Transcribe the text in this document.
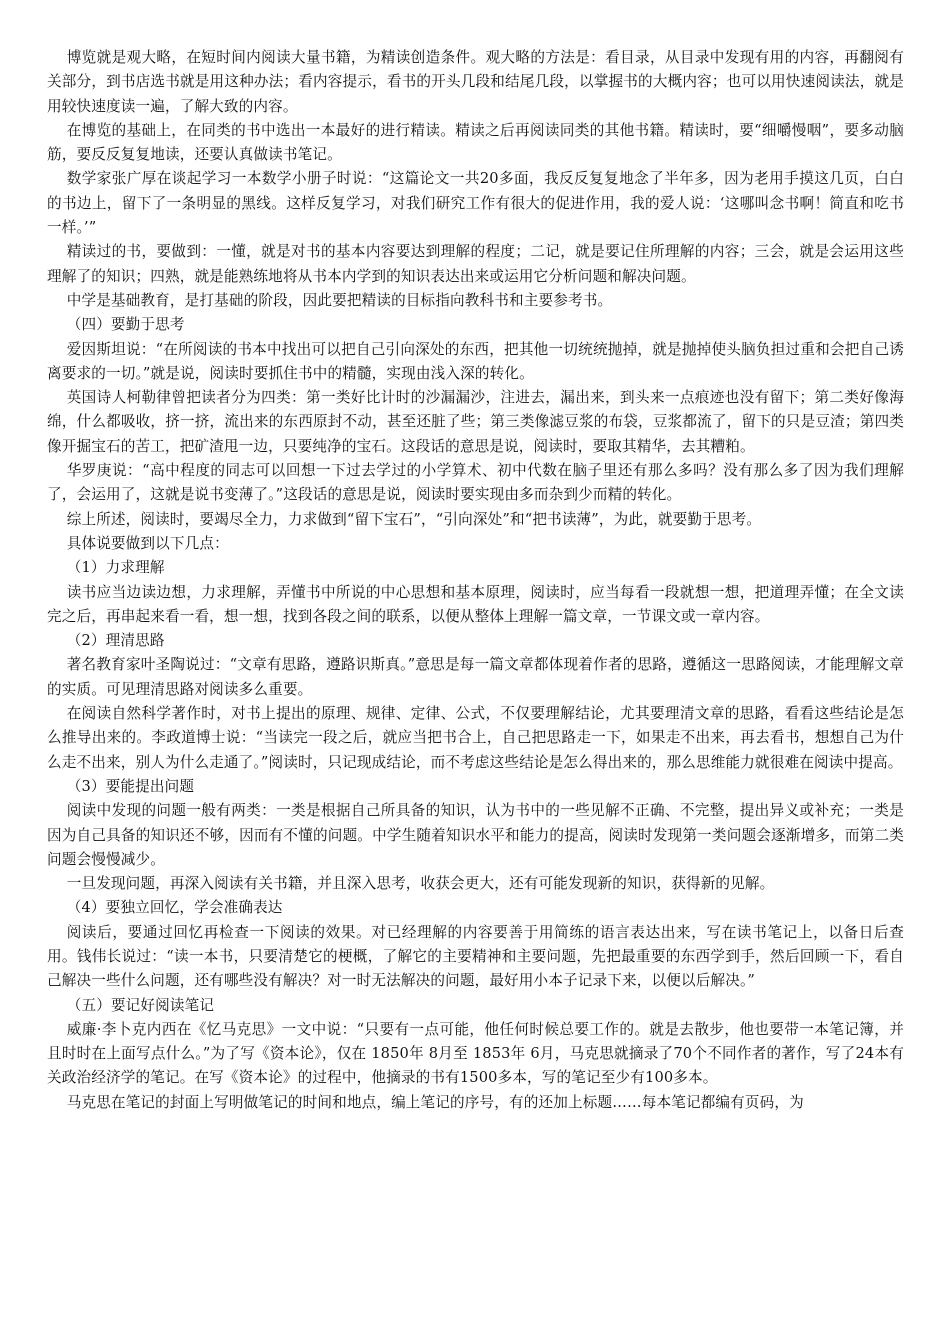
博览就是观大略，在短时间内阅读大量书籍，为精读创造条件。观大略的方法是：看目录，从目录中发现有用的内容，再翻阅有关部分，到书店选书就是用这种办法；看内容提示，看书的开头几段和结尾几段，以掌握书的大概内容；也可以用快速阅读法，就是用较快速度读一遍，了解大致的内容。

在博览的基础上，在同类的书中选出一本最好的进行精读。精读之后再阅读同类的其他书籍。精读时，要“细嚼慢咽”，要多动脑筋，要反反复复地读，还要认真做读书笔记。

数学家张广厚在谈起学习一本数学小册子时说：“这篇论文一共20多面，我反反复复地念了半年多，因为老用手摸这几页，白白的书边上，留下了一条明显的黑线。这样反复学习，对我们研究工作有很大的促进作用，我的爱人说：‘这哪叫念书啊！简直和吃书一样。’”

精读过的书，要做到：一懂，就是对书的基本内容要达到理解的程度；二记，就是要记住所理解的内容；三会，就是会运用这些理解了的知识；四熟，就是能熟练地将从书本内学到的知识表达出来或运用它分析问题和解决问题。

中学是基础教育，是打基础的阶段，因此要把精读的目标指向教科书和主要参考书。

（四）要勤于思考

爱因斯坦说：“在所阅读的书本中找出可以把自己引向深处的东西，把其他一切统统抛掉，就是抛掉使头脑负担过重和会把自己诱离要求的一切。”就是说，阅读时要抓住书中的精髓，实现由浅入深的转化。

英国诗人柯勒律曾把读者分为四类：第一类好比计时的沙漏漏沙，注进去，漏出来，到头来一点痕迹也没有留下；第二类好像海绵，什么都吸收，挤一挤，流出来的东西原封不动，甚至还脏了些；第三类像滤豆浆的布袋，豆浆都流了，留下的只是豆渣；第四类像开掘宝石的苦工，把矿渣甩一边，只要纯净的宝石。这段话的意思是说，阅读时，要取其精华，去其糟粕。

华罗庚说：“高中程度的同志可以回想一下过去学过的小学算术、初中代数在脑子里还有那么多吗？没有那么多了因为我们理解了，会运用了，这就是说书变薄了。”这段话的意思是说，阅读时要实现由多而杂到少而精的转化。

综上所述，阅读时，要竭尽全力，力求做到“留下宝石”，“引向深处”和“把书读薄”，为此，就要勤于思考。

具体说要做到以下几点：

（1）力求理解

读书应当边读边想，力求理解，弄懂书中所说的中心思想和基本原理，阅读时，应当每看一段就想一想，把道理弄懂；在全文读完之后，再串起来看一看，想一想，找到各段之间的联系，以便从整体上理解一篇文章，一节课文或一章内容。

（2）理清思路

著名教育家叶圣陶说过：“文章有思路，遵路识斯真。”意思是每一篇文章都体现着作者的思路，遵循这一思路阅读，才能理解文章的实质。可见理清思路对阅读多么重要。

在阅读自然科学著作时，对书上提出的原理、规律、定律、公式，不仅要理解结论，尤其要理清文章的思路，看看这些结论是怎么推导出来的。李政道博士说：“当读完一段之后，就应当把书合上，自己把思路走一下，如果走不出来，再去看书，想想自己为什么走不出来，别人为什么走通了。”阅读时，只记现成结论，而不考虑这些结论是怎么得出来的，那么思维能力就很难在阅读中提高。

（3）要能提出问题

阅读中发现的问题一般有两类：一类是根据自己所具备的知识，认为书中的一些见解不正确、不完整，提出异义或补充；一类是因为自己具备的知识还不够，因而有不懂的问题。中学生随着知识水平和能力的提高，阅读时发现第一类问题会逐渐增多，而第二类问题会慢慢减少。

一旦发现问题，再深入阅读有关书籍，并且深入思考，收获会更大，还有可能发现新的知识，获得新的见解。

（4）要独立回忆，学会准确表达

阅读后，要通过回忆再检查一下阅读的效果。对已经理解的内容要善于用简练的语言表达出来，写在读书笔记上，以备日后查用。钱伟长说过：“读一本书，只要清楚它的梗概，了解它的主要精神和主要问题，先把最重要的东西学到手，然后回顾一下，看自己解决一些什么问题，还有哪些没有解决？对一时无法解决的问题，最好用小本子记录下来，以便以后解决。”

（五）要记好阅读笔记

威廉·李卜克内西在《忆马克思》一文中说：“只要有一点可能，他任何时候总要工作的。就是去散步，他也要带一本笔记簿，并且时时在上面写点什么。”为了写《资本论》，仅在 1850年 8月至 1853年 6月，马克思就摘录了70个不同作者的著作，写了24本有关政治经济学的笔记。在写《资本论》的过程中，他摘录的书有1500多本，写的笔记至少有100多本。

马克思在笔记的封面上写明做笔记的时间和地点，编上笔记的序号，有的还加上标题……每本笔记都编有页码，为
